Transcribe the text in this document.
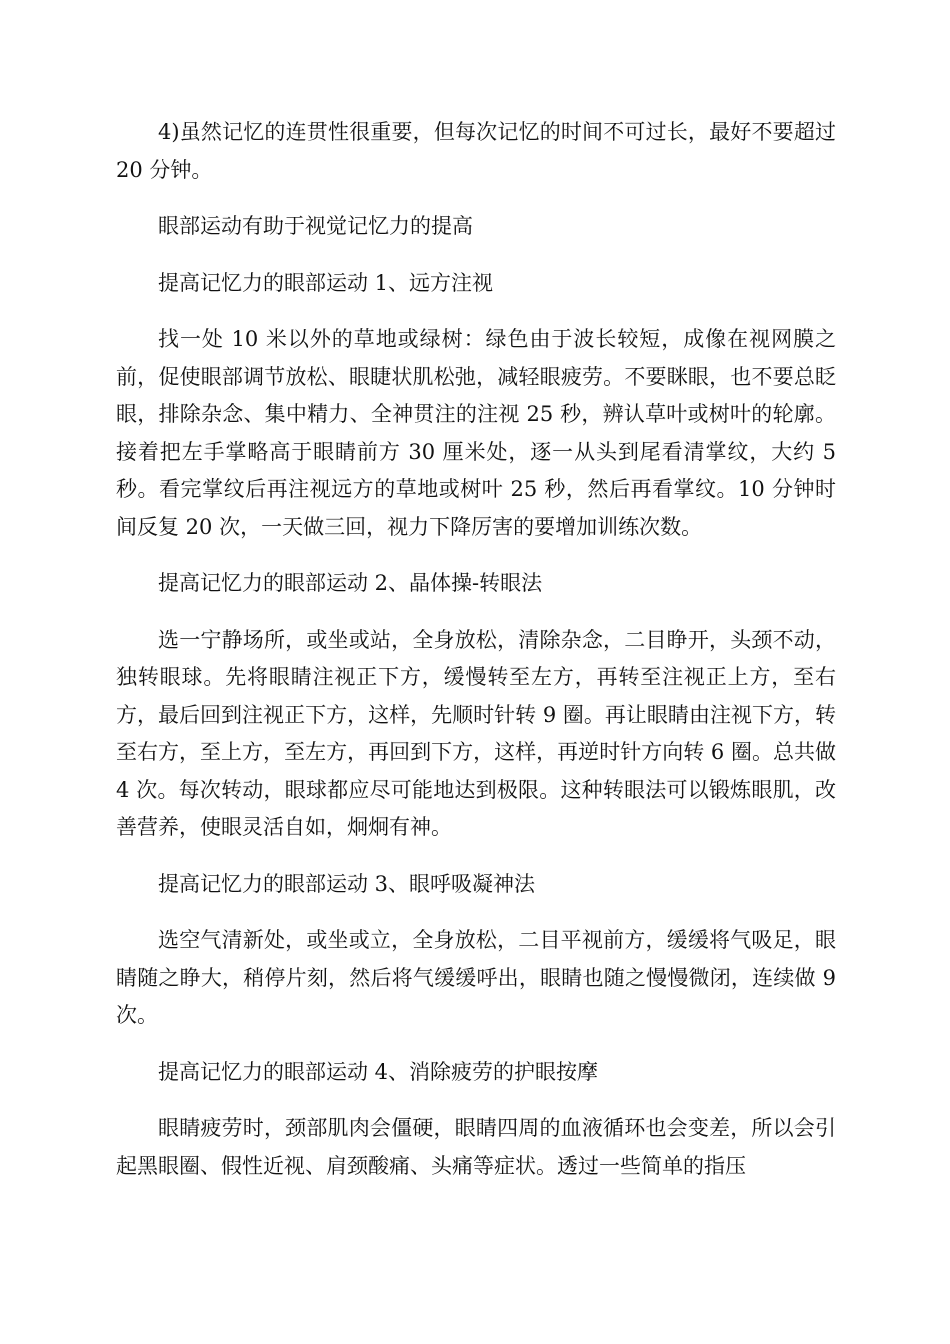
4)虽然记忆的连贯性很重要，但每次记忆的时间不可过长，最好不要超过 20 分钟。

眼部运动有助于视觉记忆力的提高

提高记忆力的眼部运动 1、远方注视

找一处 10 米以外的草地或绿树：绿色由于波长较短，成像在视网膜之前，促使眼部调节放松、眼睫状肌松弛，减轻眼疲劳。不要眯眼，也不要总眨眼，排除杂念、集中精力、全神贯注的注视 25 秒，辨认草叶或树叶的轮廓。接着把左手掌略高于眼睛前方 30 厘米处，逐一从头到尾看清掌纹，大约 5 秒。看完掌纹后再注视远方的草地或树叶 25 秒，然后再看掌纹。10 分钟时间反复 20 次，一天做三回，视力下降厉害的要增加训练次数。

提高记忆力的眼部运动 2、晶体操-转眼法

选一宁静场所，或坐或站，全身放松，清除杂念，二目睁开，头颈不动，独转眼球。先将眼睛注视正下方，缓慢转至左方，再转至注视正上方，至右方，最后回到注视正下方，这样，先顺时针转 9 圈。再让眼睛由注视下方，转至右方，至上方，至左方，再回到下方，这样，再逆时针方向转 6 圈。总共做 4 次。每次转动，眼球都应尽可能地达到极限。这种转眼法可以锻炼眼肌，改善营养，使眼灵活自如，炯炯有神。

提高记忆力的眼部运动 3、眼呼吸凝神法

选空气清新处，或坐或立，全身放松，二目平视前方，缓缓将气吸足，眼睛随之睁大，稍停片刻，然后将气缓缓呼出，眼睛也随之慢慢微闭，连续做 9 次。

提高记忆力的眼部运动 4、消除疲劳的护眼按摩

眼睛疲劳时，颈部肌肉会僵硬，眼睛四周的血液循环也会变差，所以会引起黑眼圈、假性近视、肩颈酸痛、头痛等症状。透过一些简单的指压
